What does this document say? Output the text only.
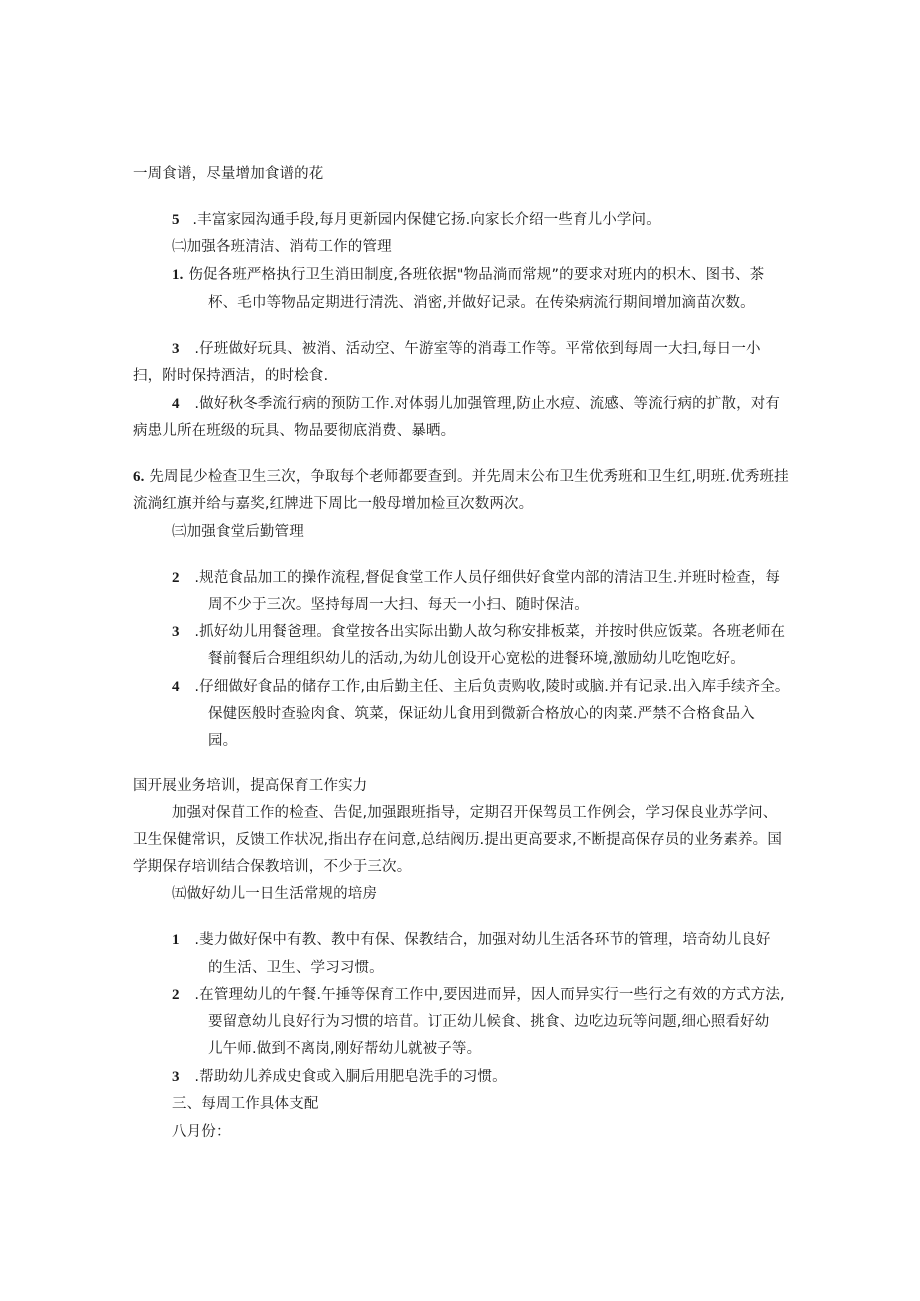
一周食谱，尽量增加食谱的花
5 .丰富家园沟通手段,每月更新园内保健它扬.向家长介绍一些育儿小学问。
㈡加强各班清洁、消苟工作的管理
1. 伤促各班严格执行卫生消田制度,各班依据"物品淌而常规”的要求对班内的枳木、图书、茶
杯、毛巾等物品定期进行清洗、消密,并做好记录。在传染病流行期间增加滴苗次数。
3 .仔班做好玩具、被消、活动空、午游室等的消毒工作等。平常依到每周一大扫,每日一小
扫，附时保持酒洁，的时桧食.
4 .做好秋冬季流行病的预防工作.对体弱儿加强管理,防止水痘、流感、等流行病的扩散，对有
病患儿所在班级的玩具、物品要彻底消费、暴晒。
6. 先周昆少检查卫生三次，争取每个老师都要查到。并先周末公布卫生优秀班和卫生红,明班.优秀班挂
流淌红旗并给与嘉奖,红牌进下周比一般母增加检亘次数两次。
㈢加强食堂后勤管理
2 .规范食品加工的操作流程,督促食堂工作人员仔细供好食堂内部的清洁卫生.并班时检查，每
周不少于三次。坚持每周一大扫、每天一小扫、随时保洁。
3 .抓好幼儿用餐爸理。食堂按各出实际出勤人故匀称安排板菜，并按时供应饭菜。各班老师在
餐前餐后合理组织幼儿的活动,为幼儿创设开心宽松的进餐环境,激励幼儿吃饱吃好。
4 .仔细做好食品的储存工作,由后勤主任、主后负责购收,陵时或脑.并有记录.出入库手续齐全。
保健医般时查验肉食、筑菜，保证幼儿食用到微新合格放心的肉菜.严禁不合格食品入
园。
国开展业务培训，提高保育工作实力
加强对保苜工作的检查、告促,加强跟班指导，定期召开保驾员工作例会，学习保良业苏学问、
卫生保健常识，反馈工作状况,指出存在问意,总结阀历.提出更高要求,不断提高保存员的业务素养。国
学期保存培训结合保教培训，不少于三次。
㈤做好幼儿一日生活常规的培房
1 .斐力做好保中有教、教中有保、保教结合，加强对幼儿生活各环节的管理，培奇幼儿良好
的生活、卫生、学习习惯。
2 .在管理幼儿的午餐.午捶等保育工作中,要因进而异，因人而异实行一些行之有效的方式方法,
要留意幼儿良好行为习惯的培苜。订正幼儿候食、挑食、边吃边玩等问题,细心照看好幼
儿午师.做到不离岗,刚好帮幼儿就被子等。
3 .帮助幼儿养成史食或入胴后用肥皂洗手的习惯。
三、每周工作具体支配
八月份：
